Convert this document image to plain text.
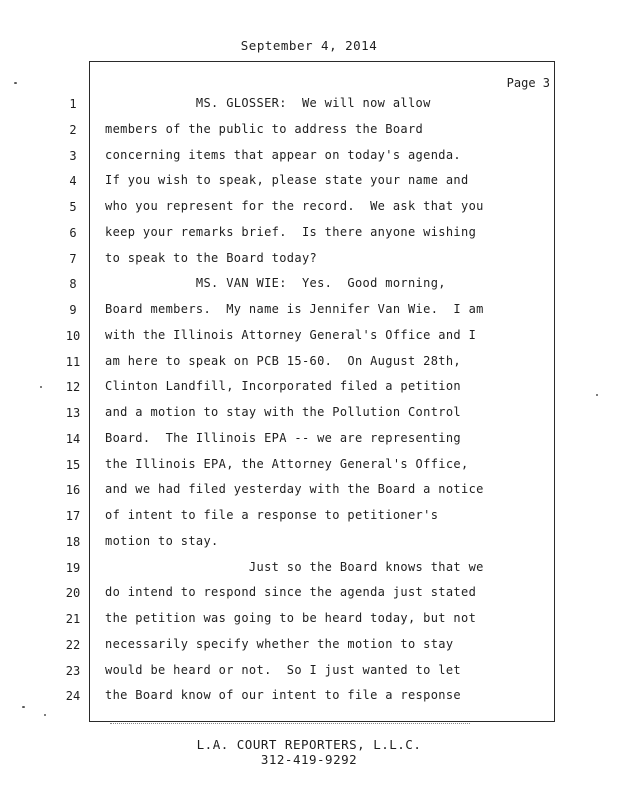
September 4, 2014
Page 3
1	MS. GLOSSER:  We will now allow
2	members of the public to address the Board
3	concerning items that appear on today's agenda.
4	If you wish to speak, please state your name and
5	who you represent for the record.  We ask that you
6	keep your remarks brief.  Is there anyone wishing
7	to speak to the Board today?
8	MS. VAN WIE:  Yes.  Good morning,
9	Board members.  My name is Jennifer Van Wie.  I am
10	with the Illinois Attorney General's Office and I
11	am here to speak on PCB 15-60.  On August 28th,
12	Clinton Landfill, Incorporated filed a petition
13	and a motion to stay with the Pollution Control
14	Board.  The Illinois EPA -- we are representing
15	the Illinois EPA, the Attorney General's Office,
16	and we had filed yesterday with the Board a notice
17	of intent to file a response to petitioner's
18	motion to stay.
19	Just so the Board knows that we
20	do intend to respond since the agenda just stated
21	the petition was going to be heard today, but not
22	necessarily specify whether the motion to stay
23	would be heard or not.  So I just wanted to let
24	the Board know of our intent to file a response
L.A. COURT REPORTERS, L.L.C.
312-419-9292
